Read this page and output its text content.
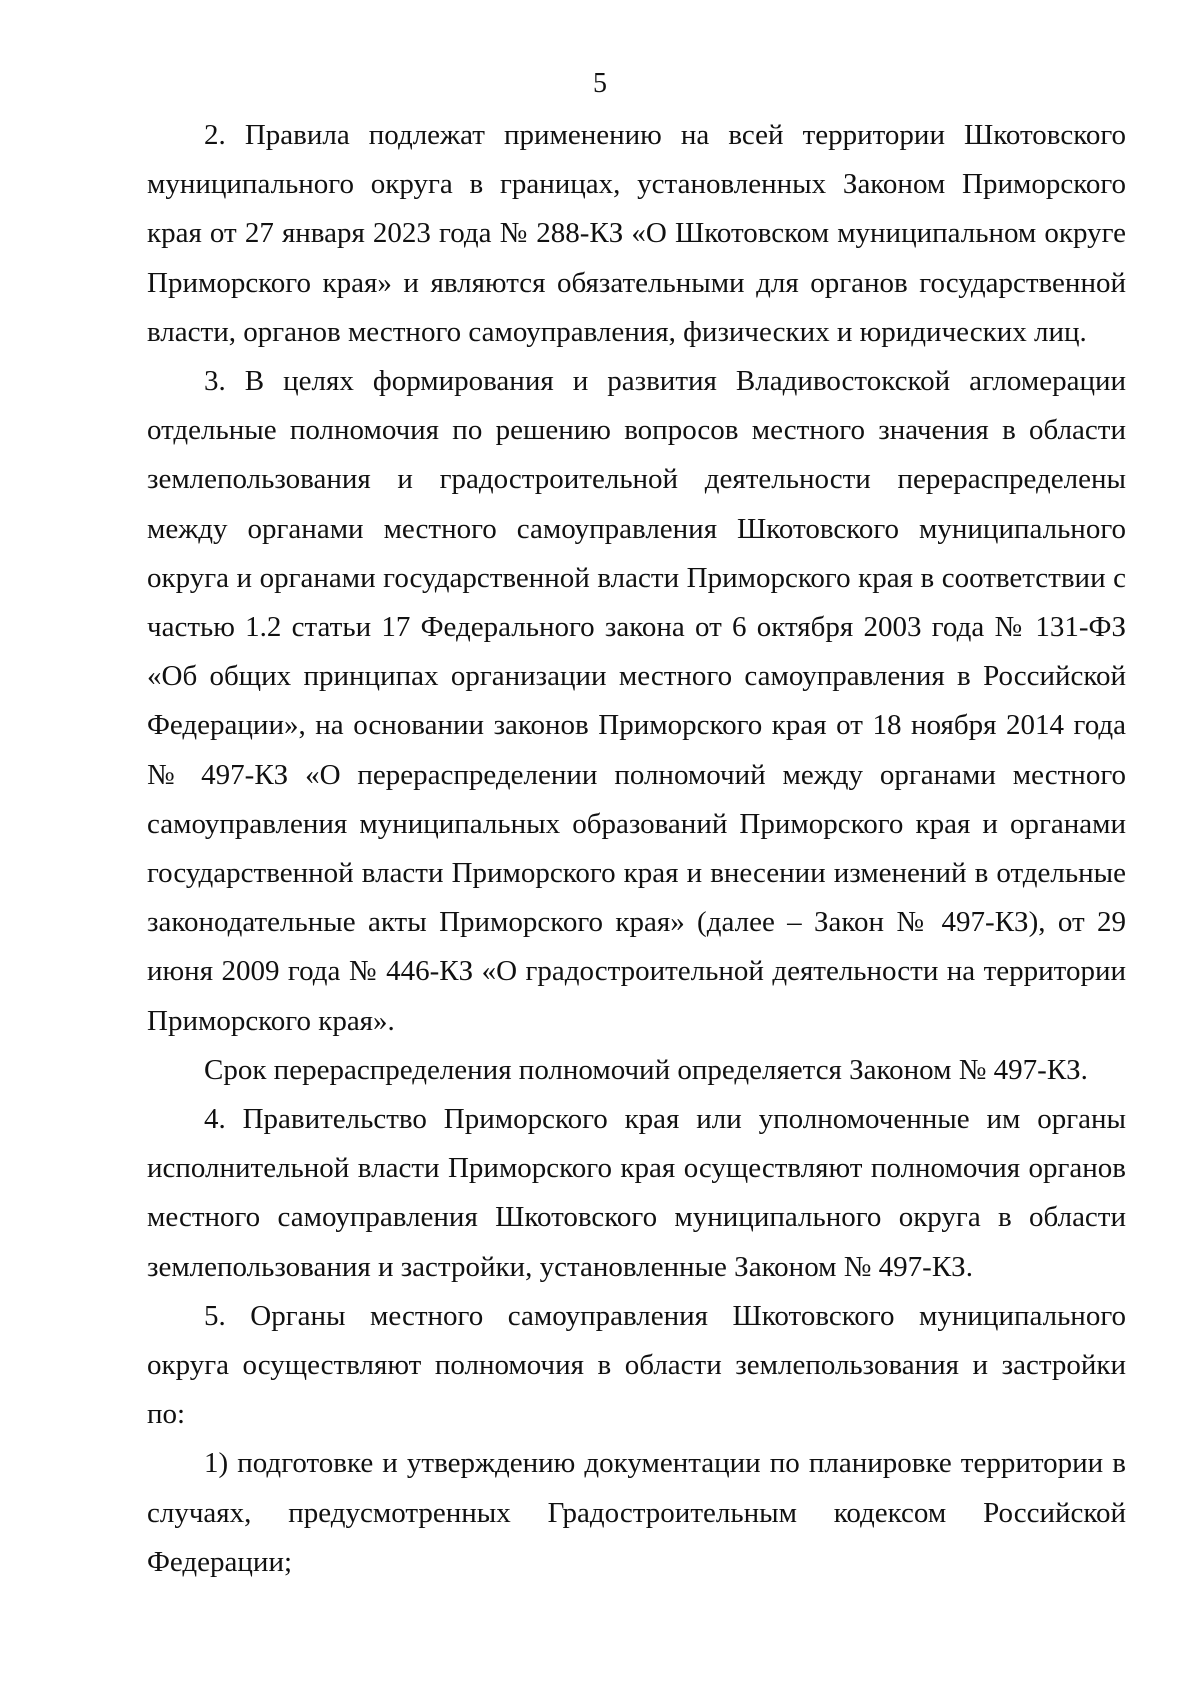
5

2. Правила подлежат применению на всей территории Шкотовского муниципального округа в границах, установленных Законом Приморского края от 27 января 2023 года № 288-КЗ «О Шкотовском муниципальном округе Приморского края» и являются обязательными для органов государственной власти, органов местного самоуправления, физических и юридических лиц.

3. В целях формирования и развития Владивостокской агломерации отдельные полномочия по решению вопросов местного значения в области землепользования и градостроительной деятельности перераспределены между органами местного самоуправления Шкотовского муниципального округа и органами государственной власти Приморского края в соответствии с частью 1.2 статьи 17 Федерального закона от 6 октября 2003 года № 131-ФЗ «Об общих принципах организации местного самоуправления в Российской Федерации», на основании законов Приморского края от 18 ноября 2014 года № 497-КЗ «О перераспределении полномочий между органами местного самоуправления муниципальных образований Приморского края и органами государственной власти Приморского края и внесении изменений в отдельные законодательные акты Приморского края» (далее – Закон № 497-КЗ), от 29 июня 2009 года № 446-КЗ «О градостроительной деятельности на территории Приморского края».

Срок перераспределения полномочий определяется Законом № 497-КЗ.

4. Правительство Приморского края или уполномоченные им органы исполнительной власти Приморского края осуществляют полномочия органов местного самоуправления Шкотовского муниципального округа в области землепользования и застройки, установленные Законом № 497-КЗ.

5. Органы местного самоуправления Шкотовского муниципального округа осуществляют полномочия в области землепользования и застройки по:

1) подготовке и утверждению документации по планировке территории в случаях, предусмотренных Градостроительным кодексом Российской Федерации;
